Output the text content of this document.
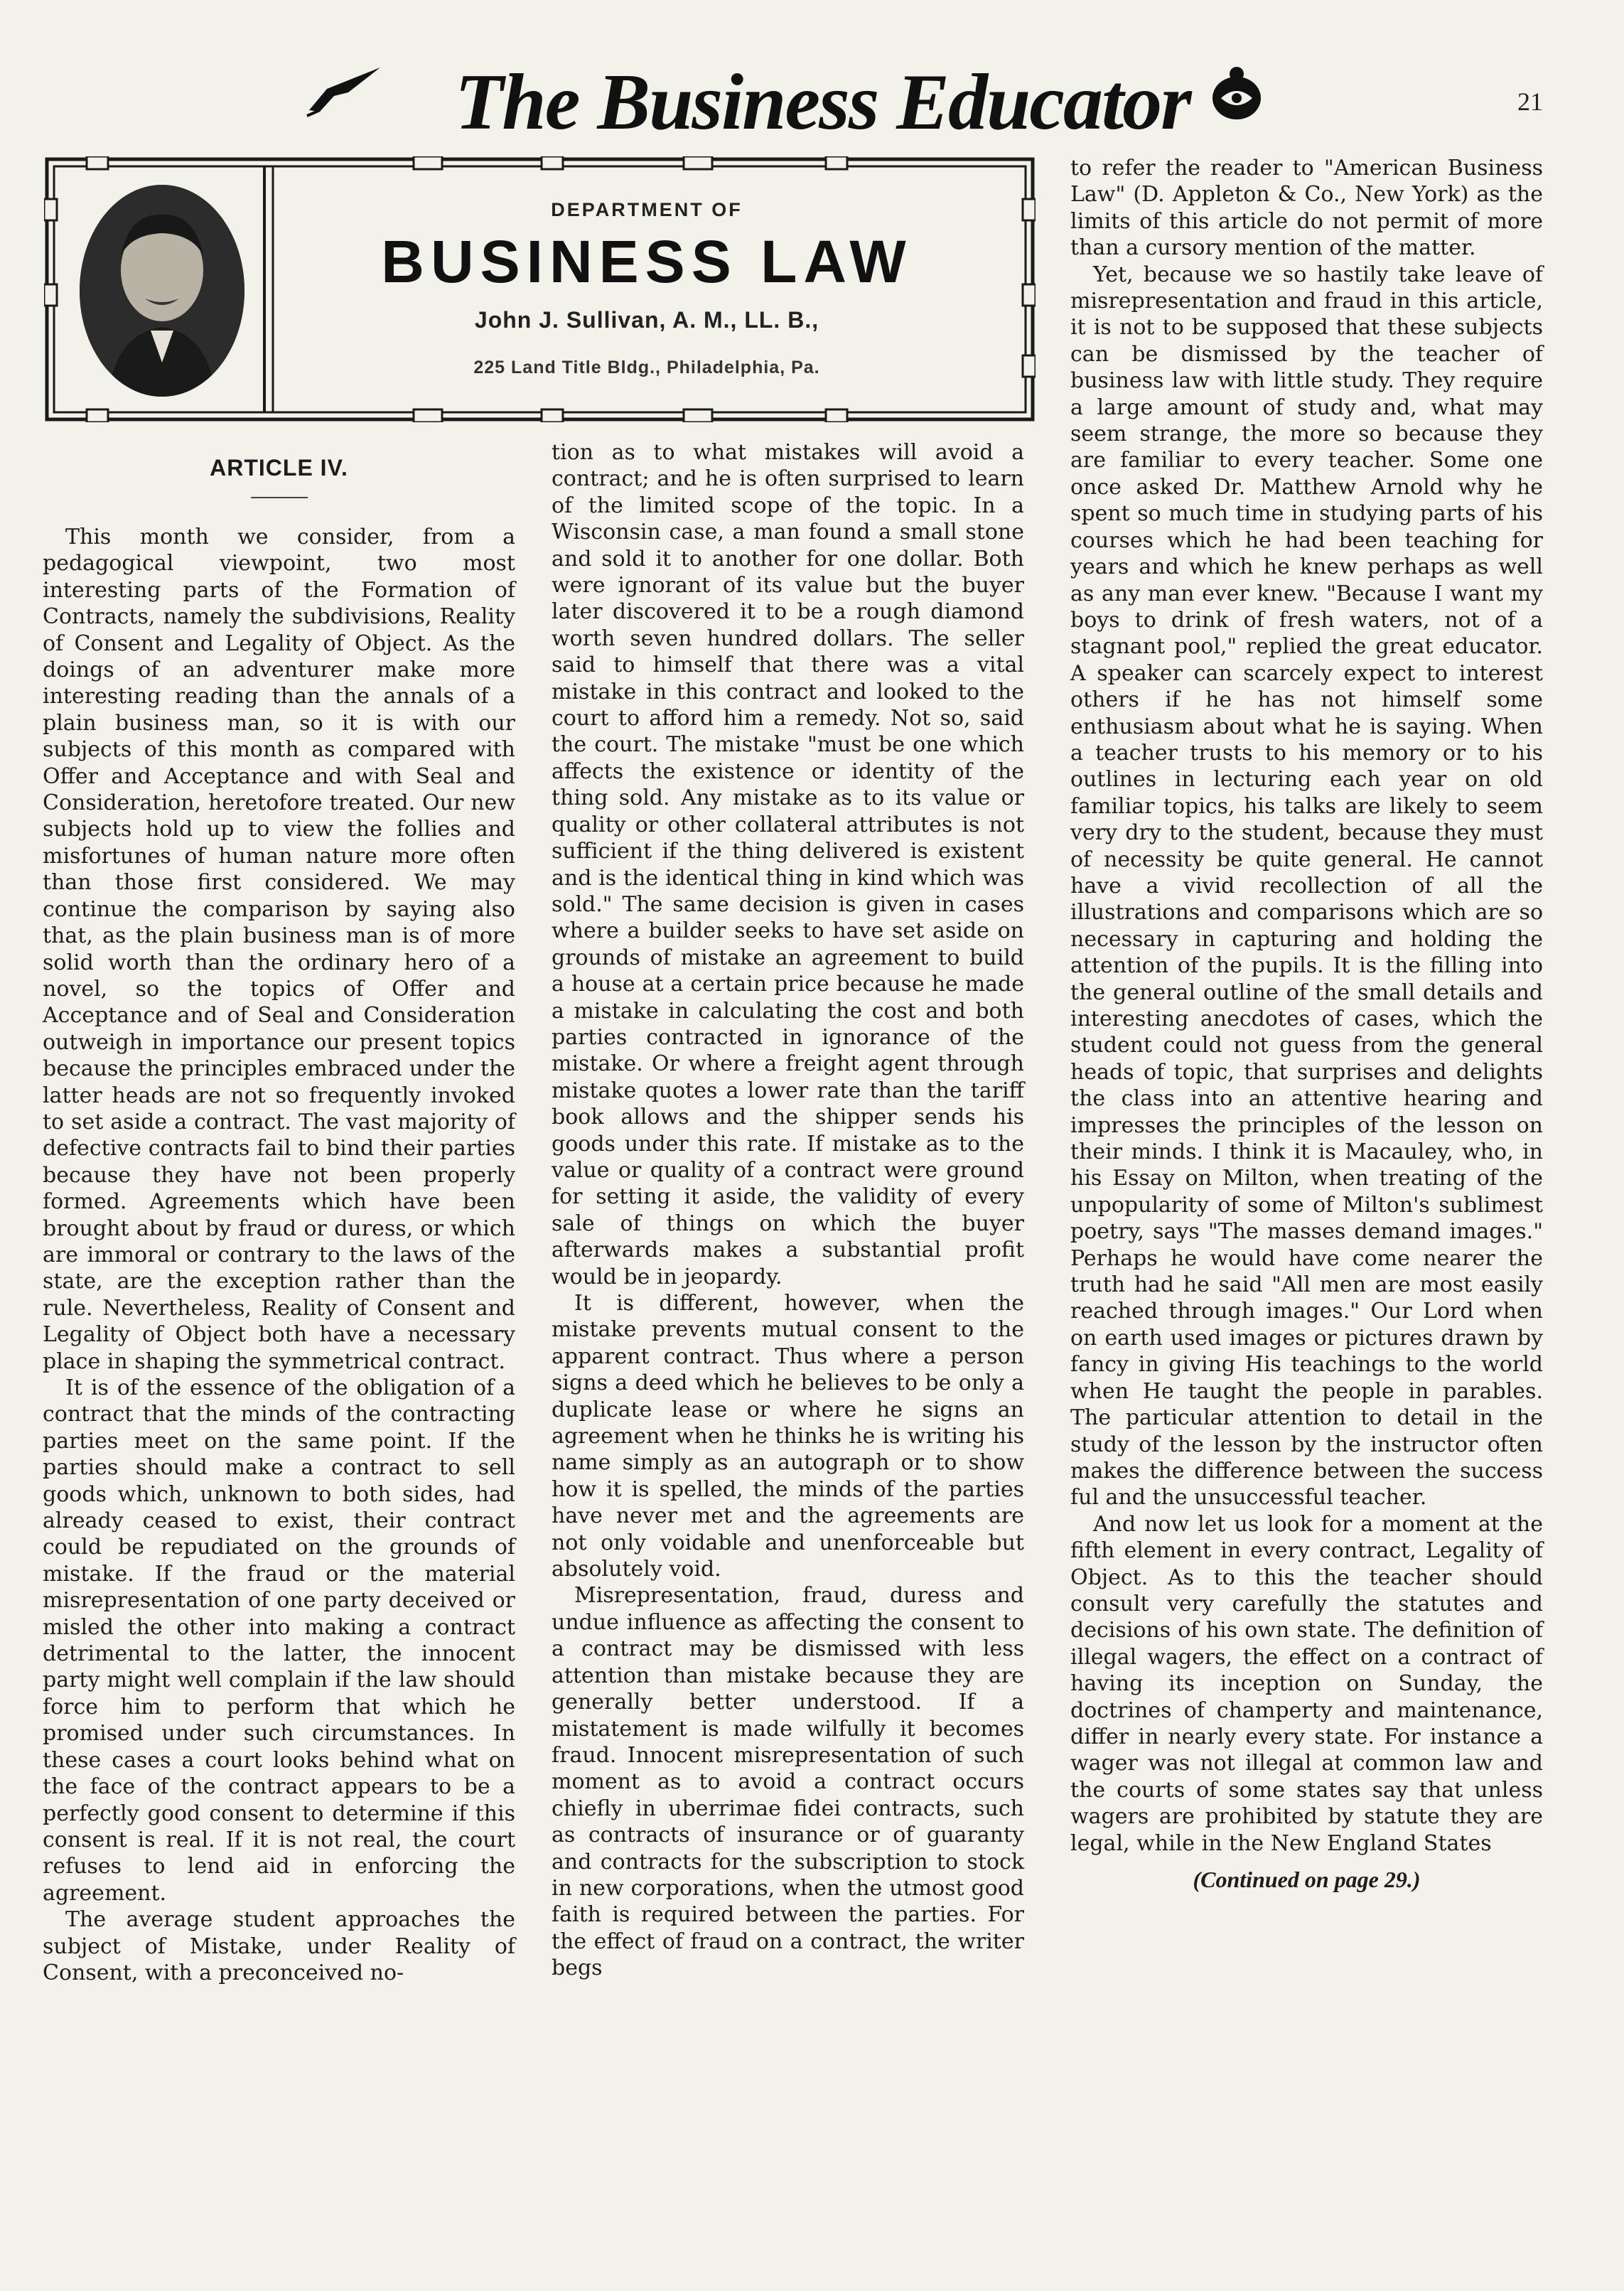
The Business Educator	21
DEPARTMENT OF
BUSINESS LAW
John J. Sullivan, A. M., LL. B.,
225 Land Title Bldg., Philadelphia, Pa.
ARTICLE IV.

This month we consider, from a pedagogical viewpoint, two most interesting parts of the Formation of Contracts, namely the subdivisions, Reality of Consent and Legality of Object. As the doings of an adventurer make more interesting reading than the annals of a plain business man, so it is with our subjects of this month as compared with Offer and Acceptance and with Seal and Consideration, heretofore treated. Our new subjects hold up to view the follies and misfortunes of human nature more often than those first considered. We may continue the comparison by saying also that, as the plain business man is of more solid worth than the ordinary hero of a novel, so the topics of Offer and Acceptance and of Seal and Consideration outweigh in importance our present topics because the principles embraced under the latter heads are not so frequently invoked to set aside a contract. The vast majority of defective contracts fail to bind their parties because they have not been properly formed. Agreements which have been brought about by fraud or duress, or which are immoral or contrary to the laws of the state, are the exception rather than the rule. Nevertheless, Reality of Consent and Legality of Object both have a necessary place in shaping the symmetrical contract.

It is of the essence of the obligation of a contract that the minds of the contracting parties meet on the same point. If the parties should make a contract to sell goods which, unknown to both sides, had already ceased to exist, their contract could be repudiated on the grounds of mistake. If the fraud or the material misrepresentation of one party deceived or misled the other into making a contract detrimental to the latter, the innocent party might well complain if the law should force him to perform that which he promised under such circumstances. In these cases a court looks behind what on the face of the contract appears to be a perfectly good consent to determine if this consent is real. If it is not real, the court refuses to lend aid in enforcing the agreement.

The average student approaches the subject of Mistake, under Reality of Consent, with a preconceived no-

tion as to what mistakes will avoid a contract; and he is often surprised to learn of the limited scope of the topic. In a Wisconsin case, a man found a small stone and sold it to another for one dollar. Both were ignorant of its value but the buyer later discovered it to be a rough diamond worth seven hundred dollars. The seller said to himself that there was a vital mistake in this contract and looked to the court to afford him a remedy. Not so, said the court. The mistake "must be one which affects the existence or identity of the thing sold. Any mistake as to its value or quality or other collateral attributes is not sufficient if the thing delivered is existent and is the identical thing in kind which was sold." The same decision is given in cases where a builder seeks to have set aside on grounds of mistake an agreement to build a house at a certain price because he made a mistake in calculating the cost and both parties contracted in ignorance of the mistake. Or where a freight agent through mistake quotes a lower rate than the tariff book allows and the shipper sends his goods under this rate. If mistake as to the value or quality of a contract were ground for setting it aside, the validity of every sale of things on which the buyer afterwards makes a substantial profit would be in jeopardy.

It is different, however, when the mistake prevents mutual consent to the apparent contract. Thus where a person signs a deed which he believes to be only a duplicate lease or where he signs an agreement when he thinks he is writing his name simply as an autograph or to show how it is spelled, the minds of the parties have never met and the agreements are not only voidable and unenforceable but absolutely void.

Misrepresentation, fraud, duress and undue influence as affecting the consent to a contract may be dismissed with less attention than mistake because they are generally better understood. If a mistatement is made wilfully it becomes fraud. Innocent misrepresentation of such moment as to avoid a contract occurs chiefly in uberrimae fidei contracts, such as contracts of insurance or of guaranty and contracts for the subscription to stock in new corporations, when the utmost good faith is required between the parties. For the effect of fraud on a contract, the writer begs

to refer the reader to "American Business Law" (D. Appleton & Co., New York) as the limits of this article do not permit of more than a cursory mention of the matter.

Yet, because we so hastily take leave of misrepresentation and fraud in this article, it is not to be supposed that these subjects can be dismissed by the teacher of business law with little study. They require a large amount of study and, what may seem strange, the more so because they are familiar to every teacher. Some one once asked Dr. Matthew Arnold why he spent so much time in studying parts of his courses which he had been teaching for years and which he knew perhaps as well as any man ever knew. "Because I want my boys to drink of fresh waters, not of a stagnant pool," replied the great educator. A speaker can scarcely expect to interest others if he has not himself some enthusiasm about what he is saying. When a teacher trusts to his memory or to his outlines in lecturing each year on old familiar topics, his talks are likely to seem very dry to the student, because they must of necessity be quite general. He cannot have a vivid recollection of all the illustrations and comparisons which are so necessary in capturing and holding the attention of the pupils. It is the filling into the general outline of the small details and interesting anecdotes of cases, which the student could not guess from the general heads of topic, that surprises and delights the class into an attentive hearing and impresses the principles of the lesson on their minds. I think it is Macauley, who, in his Essay on Milton, when treating of the unpopularity of some of Milton's sublimest poetry, says "The masses demand images." Perhaps he would have come nearer the truth had he said "All men are most easily reached through images." Our Lord when on earth used images or pictures drawn by fancy in giving His teachings to the world when He taught the people in parables. The particular attention to detail in the study of the lesson by the instructor often makes the difference between the success ful and the unsuccessful teacher.

And now let us look for a moment at the fifth element in every contract, Legality of Object. As to this the teacher should consult very carefully the statutes and decisions of his own state. The definition of illegal wagers, the effect on a contract of having its inception on Sunday, the doctrines of champerty and maintenance, differ in nearly every state. For instance a wager was not illegal at common law and the courts of some states say that unless wagers are prohibited by statute they are legal, while in the New England States

(Continued on page 29.)
